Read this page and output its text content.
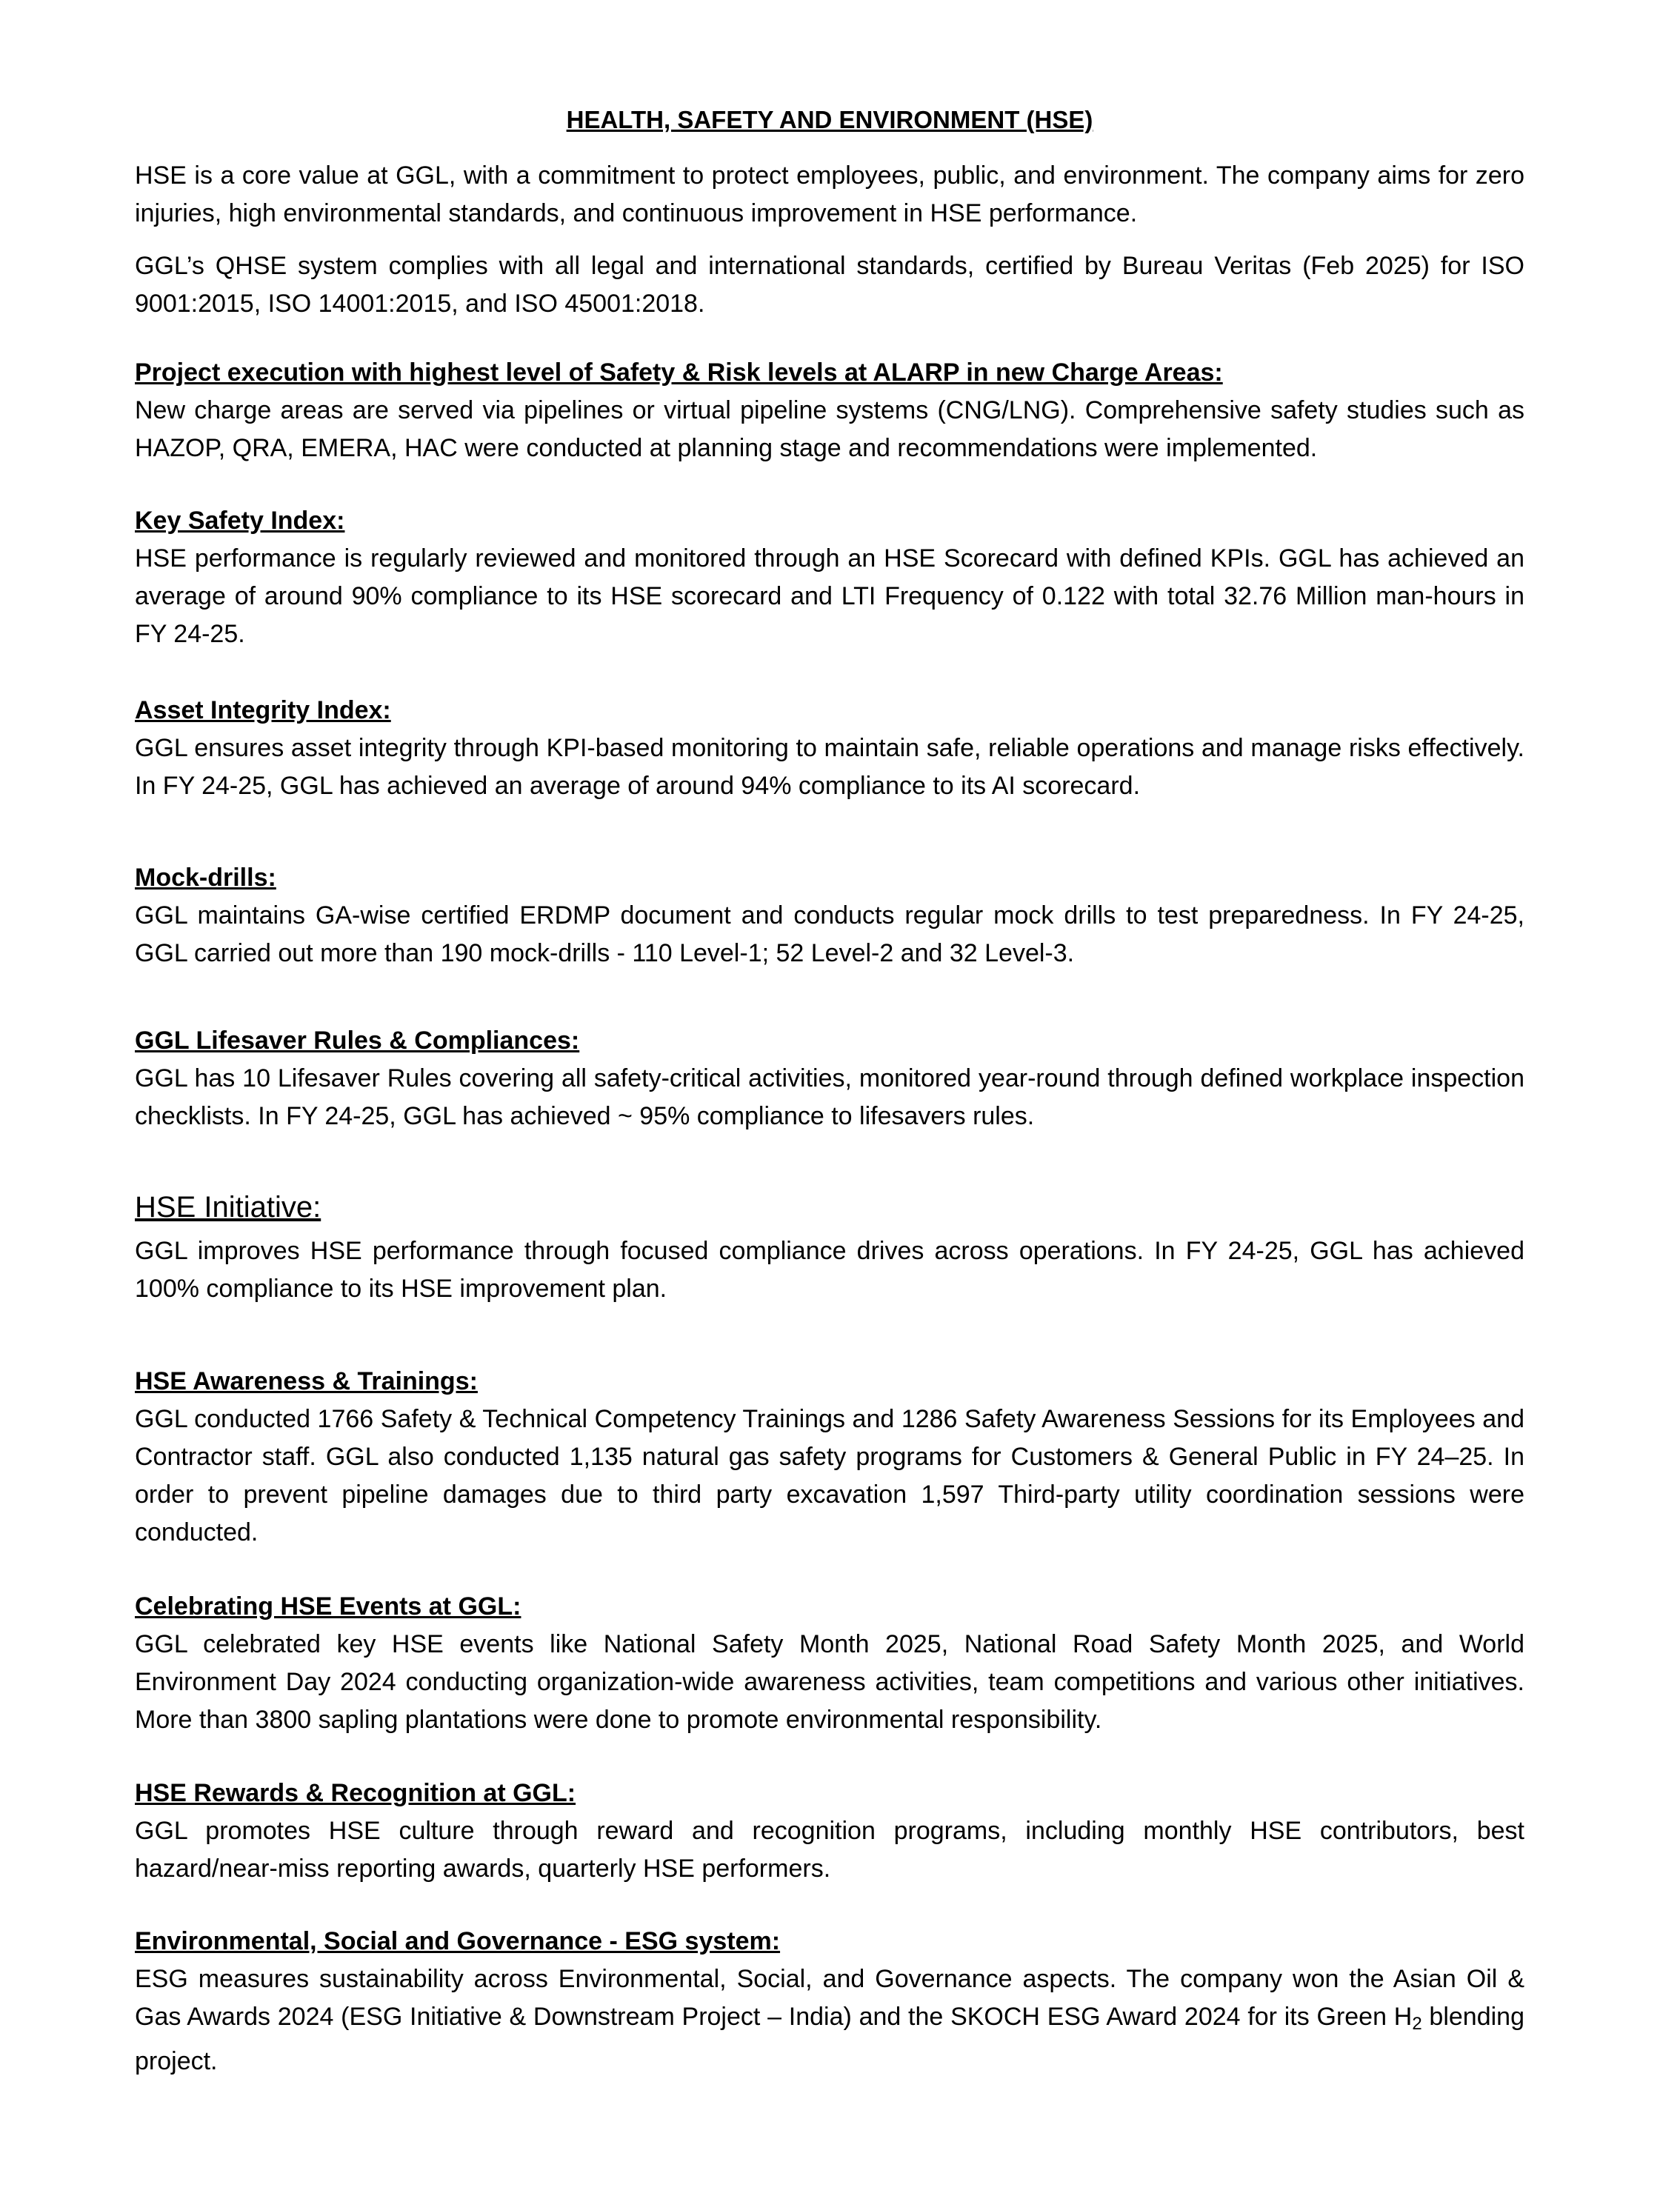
HEALTH, SAFETY AND ENVIRONMENT (HSE)

HSE is a core value at GGL, with a commitment to protect employees, public, and environment. The company aims for zero injuries, high environmental standards, and continuous improvement in HSE performance.

GGL’s QHSE system complies with all legal and international standards, certified by Bureau Veritas (Feb 2025) for ISO 9001:2015, ISO 14001:2015, and ISO 45001:2018.

Project execution with highest level of Safety & Risk levels at ALARP in new Charge Areas:

New charge areas are served via pipelines or virtual pipeline systems (CNG/LNG). Comprehensive safety studies such as HAZOP, QRA, EMERA, HAC were conducted at planning stage and recommendations were implemented.

Key Safety Index:

HSE performance is regularly reviewed and monitored through an HSE Scorecard with defined KPIs. GGL has achieved an average of around 90% compliance to its HSE scorecard and LTI Frequency of 0.122 with total 32.76 Million man-hours in FY 24-25.

Asset Integrity Index:

GGL ensures asset integrity through KPI-based monitoring to maintain safe, reliable operations and manage risks effectively. In FY 24-25, GGL has achieved an average of around 94% compliance to its AI scorecard.

Mock-drills:

GGL maintains GA-wise certified ERDMP document and conducts regular mock drills to test preparedness. In FY 24-25, GGL carried out more than 190 mock-drills - 110 Level-1; 52 Level-2 and 32 Level-3.

GGL Lifesaver Rules & Compliances:

GGL has 10 Lifesaver Rules covering all safety-critical activities, monitored year-round through defined workplace inspection checklists. In FY 24-25, GGL has achieved ~ 95% compliance to lifesavers rules.

HSE Initiative:

GGL improves HSE performance through focused compliance drives across operations. In FY 24-25, GGL has achieved 100% compliance to its HSE improvement plan.

HSE Awareness & Trainings:

GGL conducted 1766 Safety & Technical Competency Trainings and 1286 Safety Awareness Sessions for its Employees and Contractor staff. GGL also conducted 1,135 natural gas safety programs for Customers & General Public in FY 24–25. In order to prevent pipeline damages due to third party excavation 1,597 Third-party utility coordination sessions were conducted.

Celebrating HSE Events at GGL:

GGL celebrated key HSE events like National Safety Month 2025, National Road Safety Month 2025, and World Environment Day 2024 conducting organization-wide awareness activities, team competitions and various other initiatives. More than 3800 sapling plantations were done to promote environmental responsibility.

HSE Rewards & Recognition at GGL:

GGL promotes HSE culture through reward and recognition programs, including monthly HSE contributors, best hazard/near-miss reporting awards, quarterly HSE performers.

Environmental, Social and Governance - ESG system:

ESG measures sustainability across Environmental, Social, and Governance aspects. The company won the Asian Oil & Gas Awards 2024 (ESG Initiative & Downstream Project – India) and the SKOCH ESG Award 2024 for its Green $H_2$ blending project.
